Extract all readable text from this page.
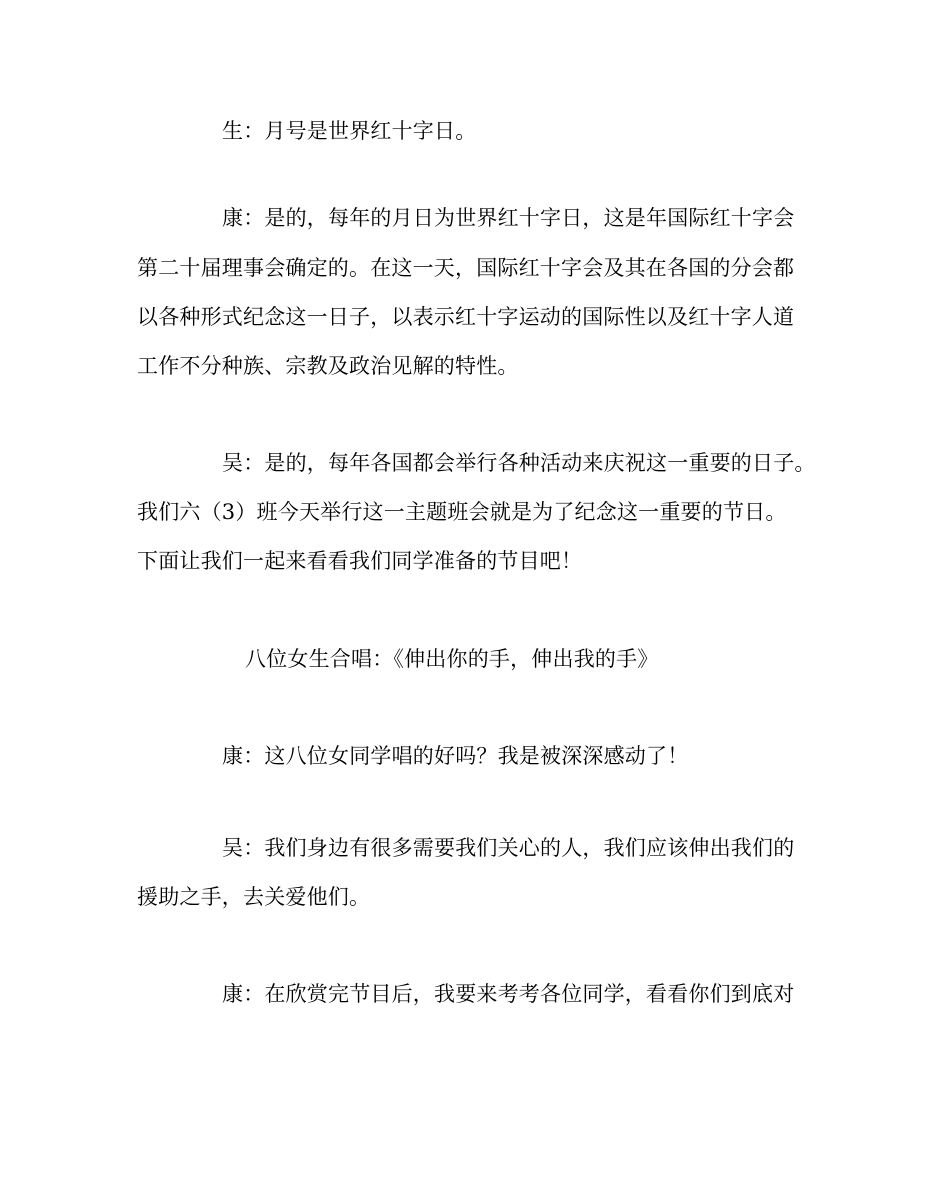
生：月号是世界红十字日。
康：是的，每年的月日为世界红十字日，这是年国际红十字会
第二十届理事会确定的。在这一天，国际红十字会及其在各国的分会都
以各种形式纪念这一日子，以表示红十字运动的国际性以及红十字人道
工作不分种族、宗教及政治见解的特性。
吴：是的，每年各国都会举行各种活动来庆祝这一重要的日子。
我们六（3）班今天举行这一主题班会就是为了纪念这一重要的节日。
下面让我们一起来看看我们同学准备的节目吧！
八位女生合唱：《伸出你的手，伸出我的手》
康：这八位女同学唱的好吗？我是被深深感动了！
吴：我们身边有很多需要我们关心的人，我们应该伸出我们的
援助之手，去关爱他们。
康：在欣赏完节目后，我要来考考各位同学，看看你们到底对
